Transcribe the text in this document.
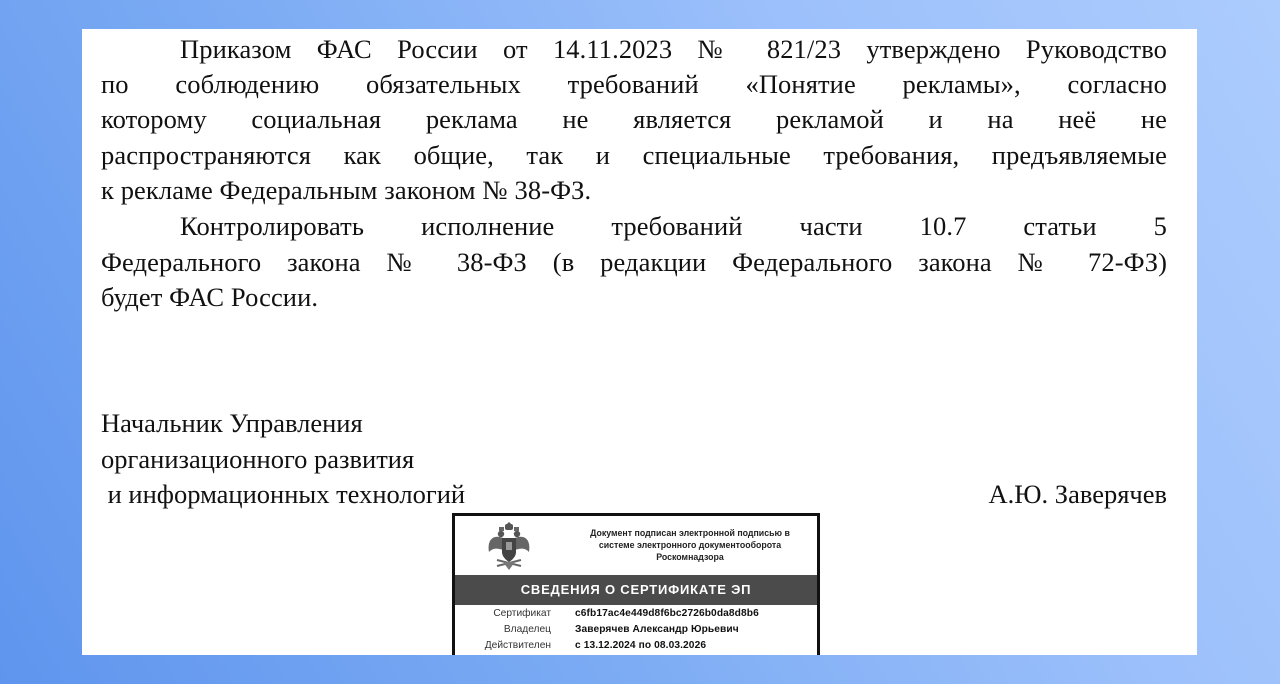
Приказом ФАС России от 14.11.2023 № 821/23 утверждено Руководство
по соблюдению обязательных требований «Понятие рекламы», согласно
которому социальная реклама не является рекламой и на неё не
распространяются как общие, так и специальные требования, предъявляемые
к рекламе Федеральным законом № 38-ФЗ.
Контролировать исполнение требований части 10.7 статьи 5
Федерального закона № 38-ФЗ (в редакции Федерального закона № 72-ФЗ)
будет ФАС России.
Начальник Управления
организационного развития
и информационных технологий	А.Ю. Заверячев
Документ подписан электронной подписью в
системе электронного документооборота
Роскомнадзора
СВЕДЕНИЯ О СЕРТИФИКАТЕ ЭП
Сертификат c6fb17ac4e449d8f6bc2726b0da8d8b6
Владелец Заверячев Александр Юрьевич
Действителен с 13.12.2024 по 08.03.2026
